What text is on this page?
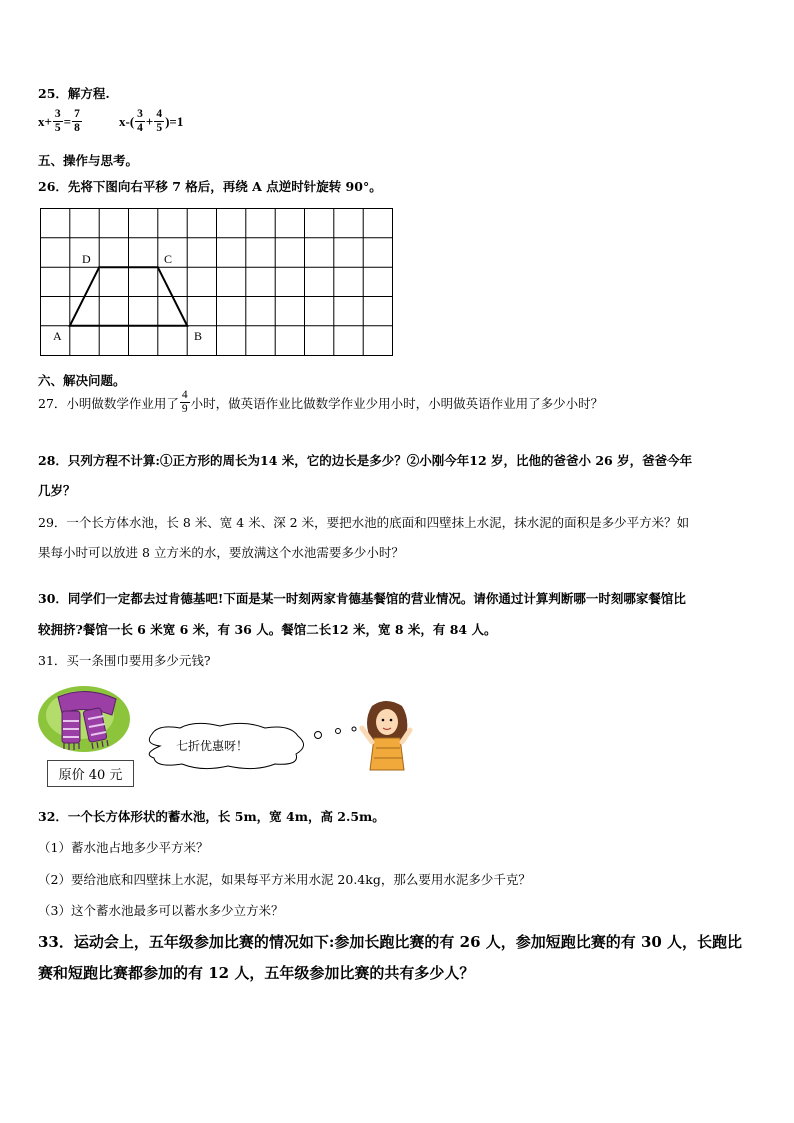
25．解方程.
$x+ \frac{3}{5} = \frac{7}{8}$	$x-( \frac{3}{4} + \frac{4}{5} )=1$
五、操作与思考。
26．先将下图向右平移 7 格后，再绕 A 点逆时针旋转 90°。
D	C
A	B
六、解决问题。
27．小明做数学作业用了 $\frac{4}{9}$ 小时，做英语作业比做数学作业少用小时，小明做英语作业用了多少小时？
28．只列方程不计算:①正方形的周长为14 米，它的边长是多少？②小刚今年12 岁，比他的爸爸小 26 岁，爸爸今年
几岁？
29．一个长方体水池，长 8 米、宽 4 米、深 2 米，要把水池的底面和四壁抹上水泥，抹水泥的面积是多少平方米？如
果每小时可以放进 8 立方米的水，要放满这个水池需要多少小时？
30．同学们一定都去过肯德基吧!下面是某一时刻两家肯德基餐馆的营业情况。请你通过计算判断哪一时刻哪家餐馆比
较拥挤?餐馆一长 6 米宽 6 米，有 36 人。餐馆二长12 米，宽 8 米，有 84 人。
31．买一条围巾要用多少元钱?
原价 40 元
七折优惠呀！
32．一个长方体形状的蓄水池，长 5m，宽 4m，高 2.5m。
（1）蓄水池占地多少平方米？
（2）要给池底和四壁抹上水泥，如果每平方米用水泥 20.4kg，那么要用水泥多少千克？
（3）这个蓄水池最多可以蓄水多少立方米？
33．运动会上，五年级参加比赛的情况如下:参加长跑比赛的有 26 人，参加短跑比赛的有 30 人，长跑比
赛和短跑比赛都参加的有 12 人，五年级参加比赛的共有多少人？
